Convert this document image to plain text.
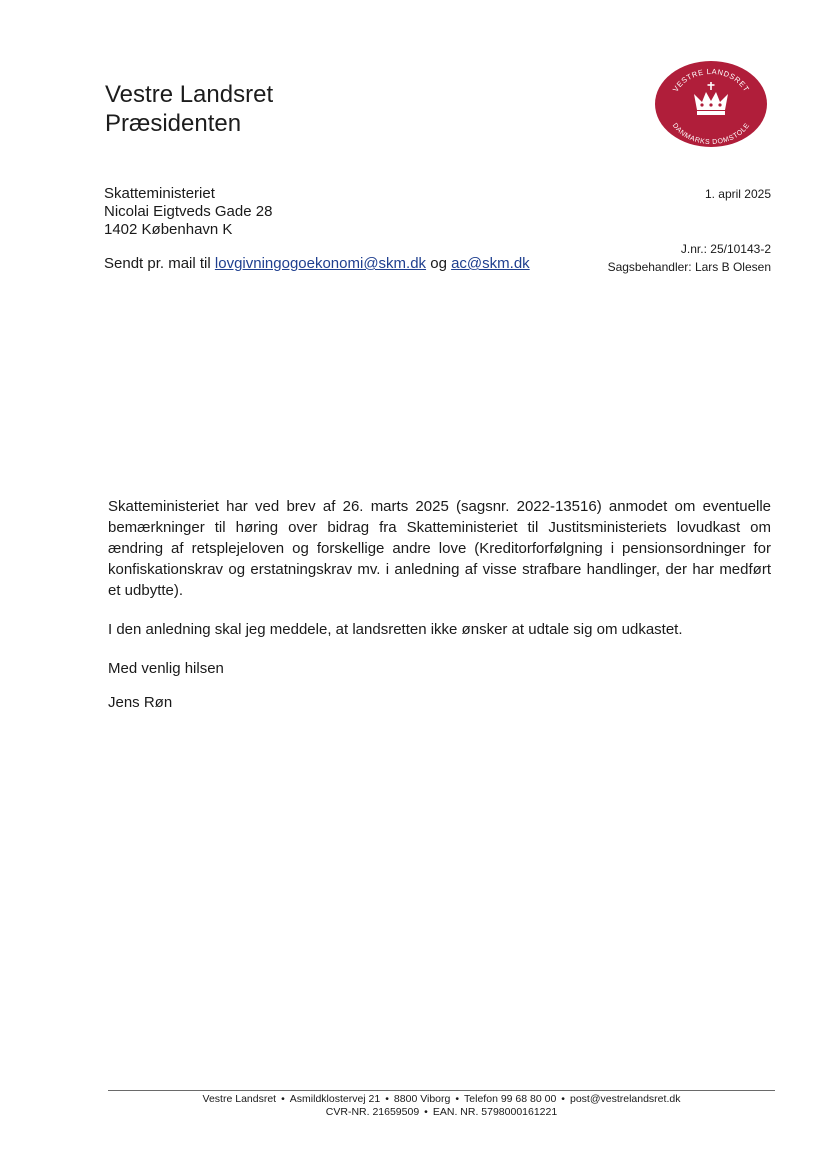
Vestre Landsret
Præsidenten
VESTRE LANDSRET
DANMARKS DOMSTOLE
Skatteministeriet
Nicolai Eigtveds Gade 28
1402 København K
Sendt pr. mail til lovgivningogoekonomi@skm.dk og ac@skm.dk
1. april 2025
J.nr.: 25/10143-2
Sagsbehandler: Lars B Olesen

Skatteministeriet har ved brev af 26. marts 2025 (sagsnr. 2022-13516) anmodet om eventuelle bemærkninger til høring over bidrag fra Skatteministeriet til Justitsministeriets lovudkast om ændring af retsplejeloven og forskellige andre love (Kreditorforfølgning i pensionsordninger for konfiskationskrav og erstatningskrav mv. i anledning af visse strafbare handlinger, der har medført et udbytte).

I den anledning skal jeg meddele, at landsretten ikke ønsker at udtale sig om udkastet.

Med venlig hilsen

Jens Røn
Vestre Landsret • Asmildklostervej 21 • 8800 Viborg • Telefon 99 68 80 00 • post@vestrelandsret.dk
CVR-NR. 21659509 • EAN. NR. 5798000161221
